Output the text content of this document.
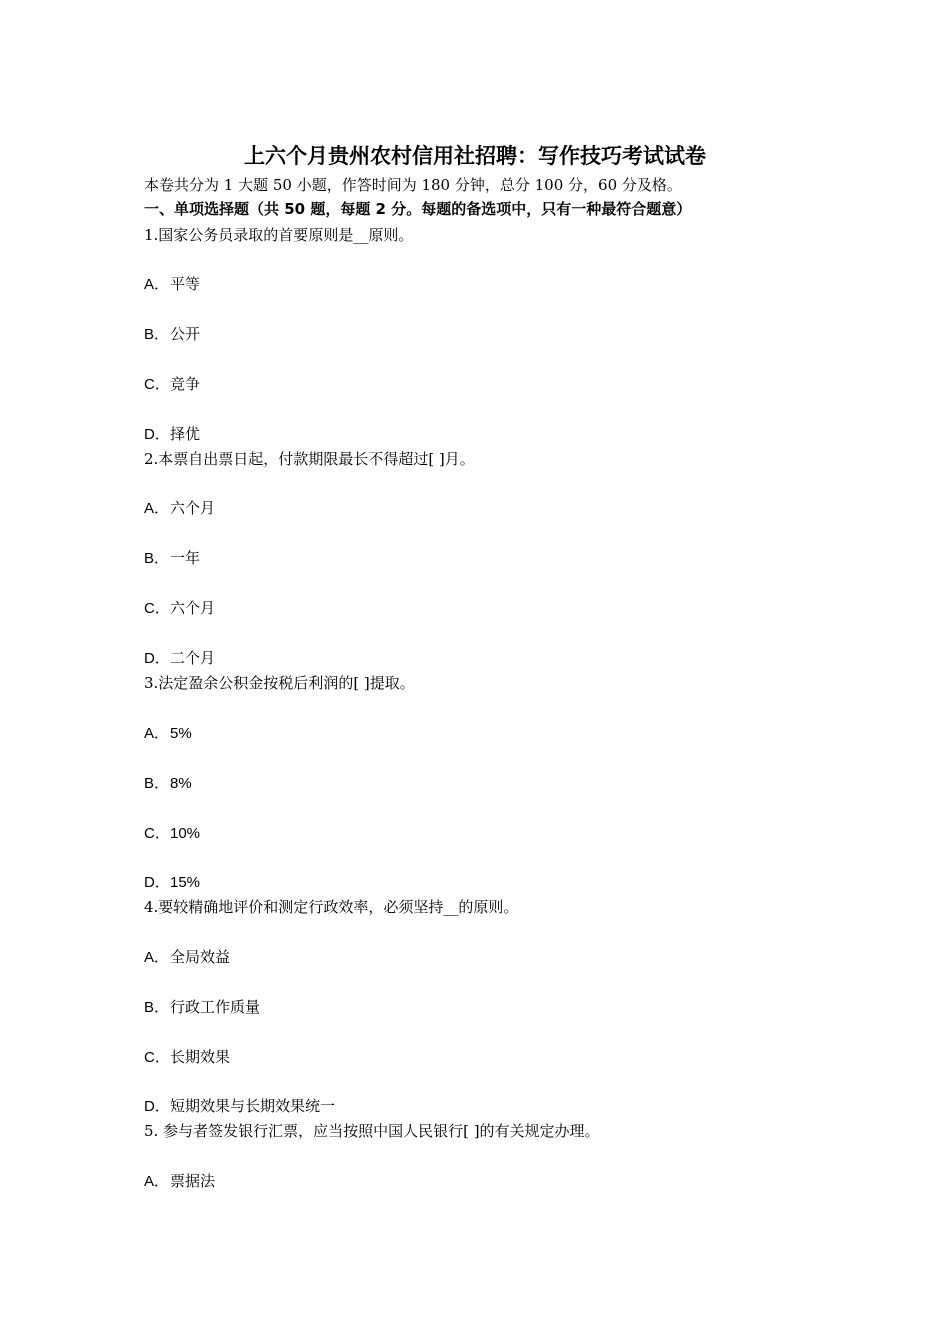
上六个月贵州农村信用社招聘：写作技巧考试试卷
本卷共分为 1 大题 50 小题，作答时间为 180 分钟，总分 100 分，60 分及格。
一、单项选择题（共 50 题，每题 2 分。每题的备选项中，只有一种最符合题意）
1.国家公务员录取的首要原则是__原则。
A．平等
B．公开
C．竞争
D．择优
2.本票自出票日起，付款期限最长不得超过[ ]月。
A．六个月
B．一年
C．六个月
D．二个月
3.法定盈余公积金按税后利润的[ ]提取。
A．5%
B．8%
C．10%
D．15%
4.要较精确地评价和测定行政效率，必须坚持__的原则。
A．全局效益
B．行政工作质量
C．长期效果
D．短期效果与长期效果统一
5. 参与者签发银行汇票，应当按照中国人民银行[ ]的有关规定办理。
A．票据法
